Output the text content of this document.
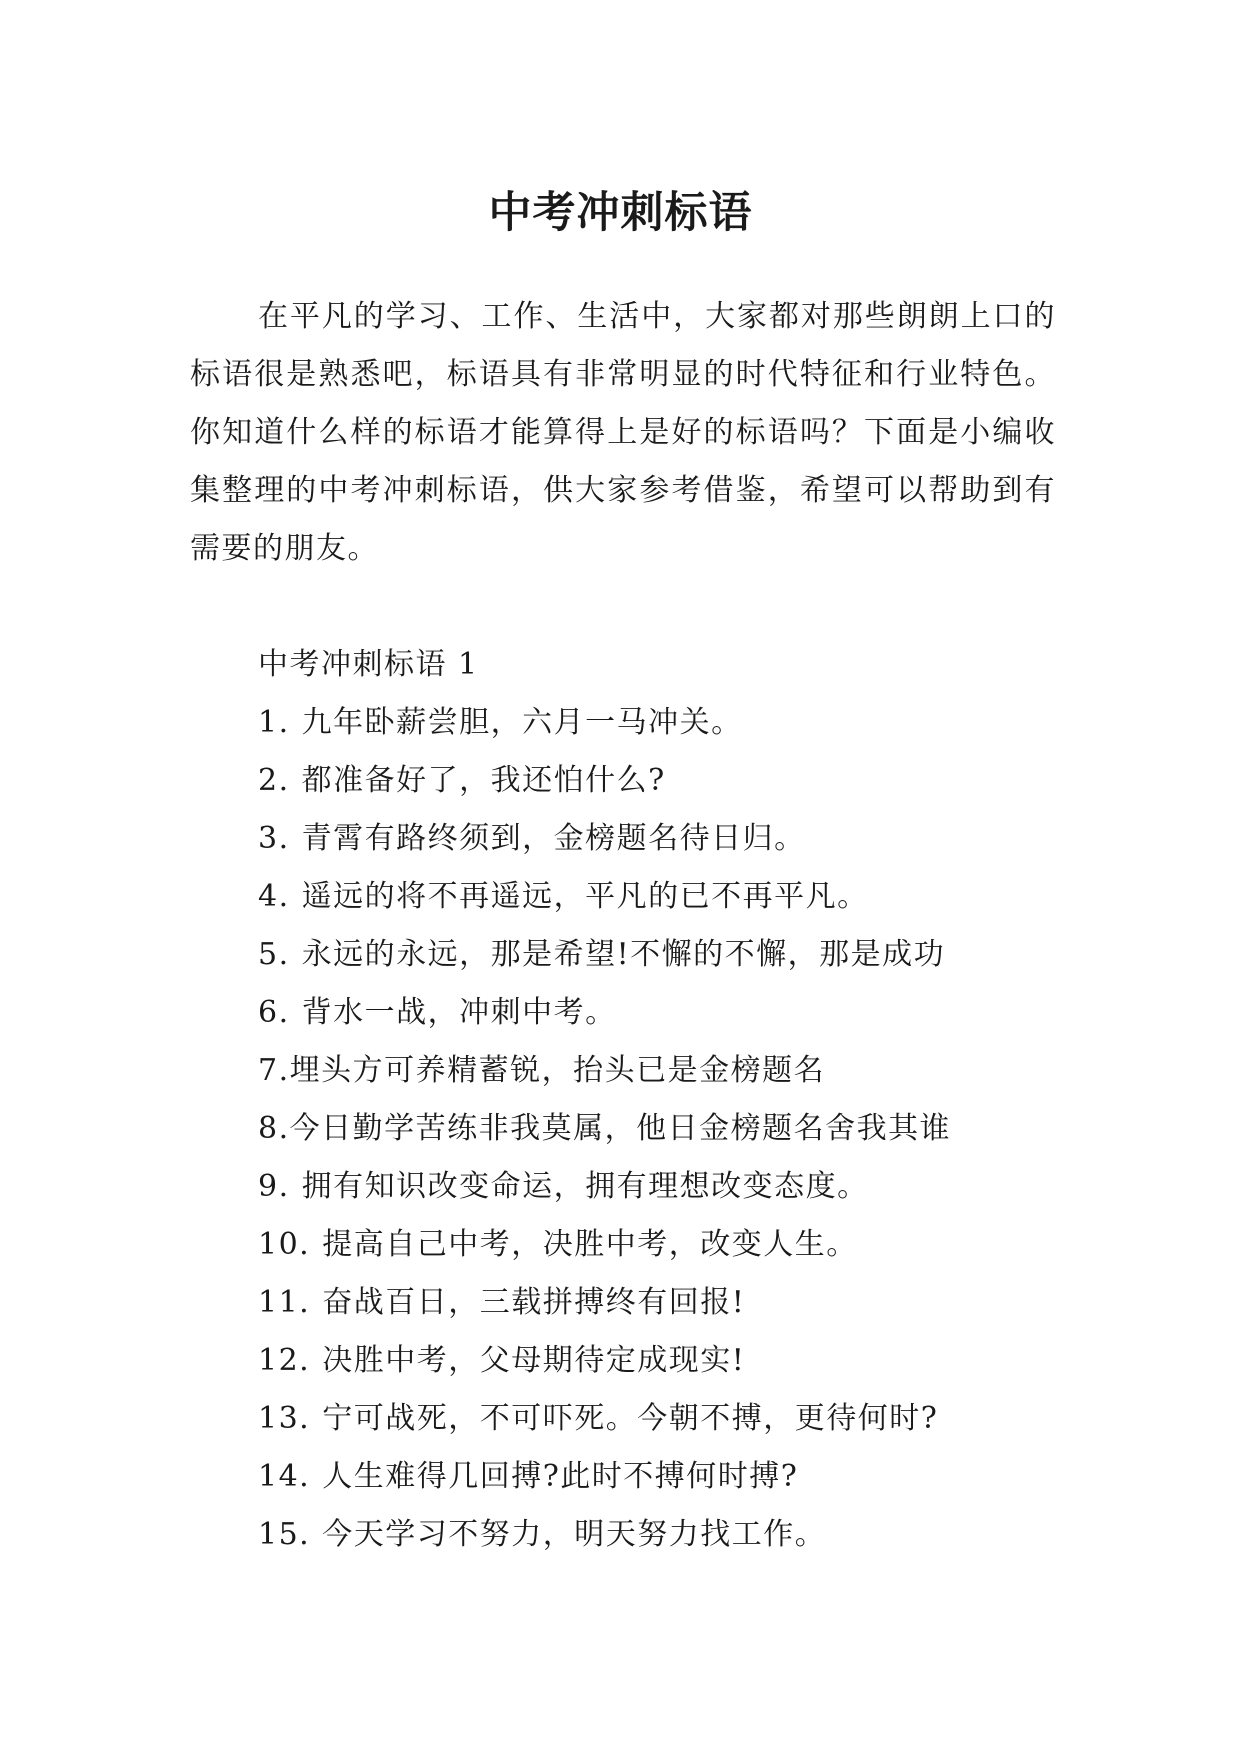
中考冲刺标语

在平凡的学习、工作、生活中，大家都对那些朗朗上口的标语很是熟悉吧，标语具有非常明显的时代特征和行业特色。你知道什么样的标语才能算得上是好的标语吗？下面是小编收集整理的中考冲刺标语，供大家参考借鉴，希望可以帮助到有需要的朋友。

中考冲刺标语 1
1. 九年卧薪尝胆，六月一马冲关。
2. 都准备好了，我还怕什么?
3. 青霄有路终须到，金榜题名待日归。
4. 遥远的将不再遥远，平凡的已不再平凡。
5. 永远的永远，那是希望!不懈的不懈，那是成功
6. 背水一战，冲刺中考。
7.埋头方可养精蓄锐，抬头已是金榜题名
8.今日勤学苦练非我莫属，他日金榜题名舍我其谁
9. 拥有知识改变命运，拥有理想改变态度。
10. 提高自己中考，决胜中考，改变人生。
11. 奋战百日，三载拼搏终有回报!
12. 决胜中考，父母期待定成现实!
13. 宁可战死，不可吓死。今朝不搏，更待何时?
14. 人生难得几回搏?此时不搏何时搏?
15. 今天学习不努力，明天努力找工作。
